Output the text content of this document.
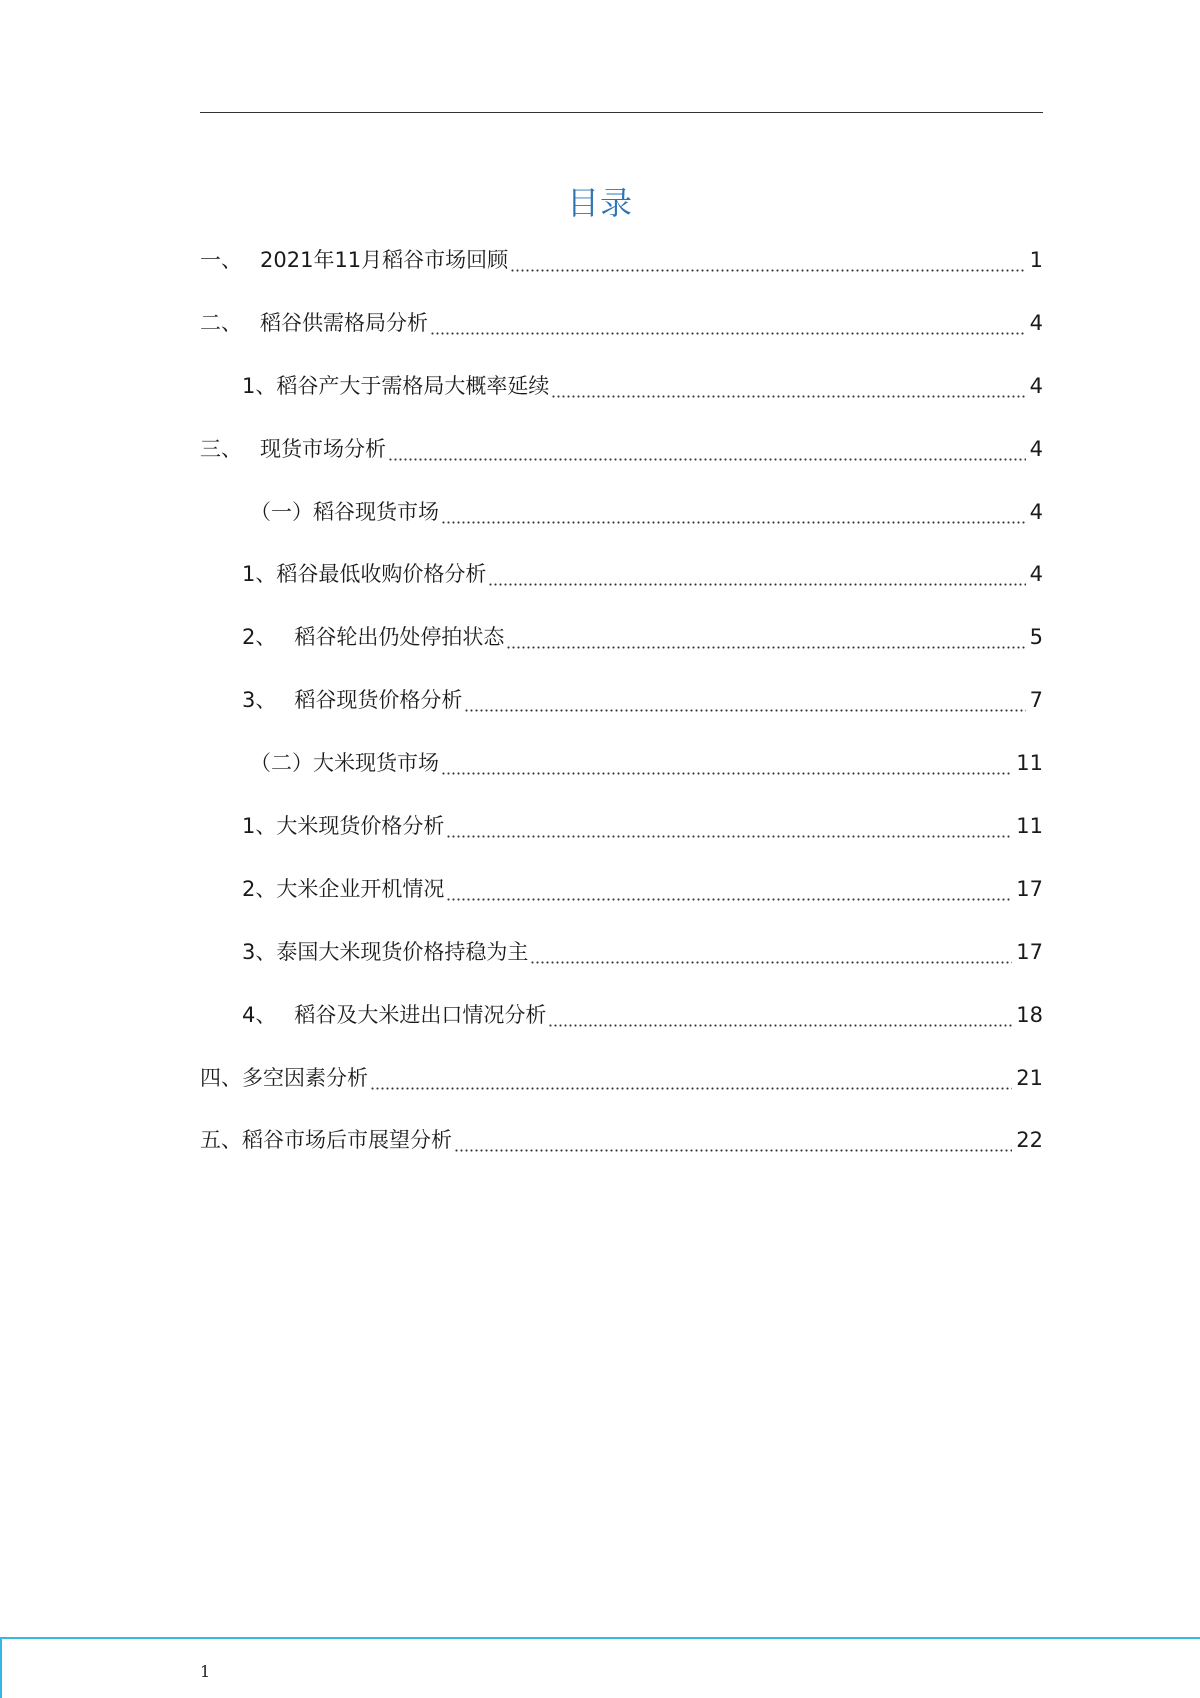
目录
一、 2021年11月稻谷市场回顾	1
二、 稻谷供需格局分析	4
1、稻谷产大于需格局大概率延续	4
三、 现货市场分析	4
（一）稻谷现货市场	4
1、稻谷最低收购价格分析	4
2、 稻谷轮出仍处停拍状态	5
3、 稻谷现货价格分析	7
（二）大米现货市场	11
1、大米现货价格分析	11
2、大米企业开机情况	17
3、泰国大米现货价格持稳为主	17
4、 稻谷及大米进出口情况分析	18
四、多空因素分析	21
五、稻谷市场后市展望分析	22
1
